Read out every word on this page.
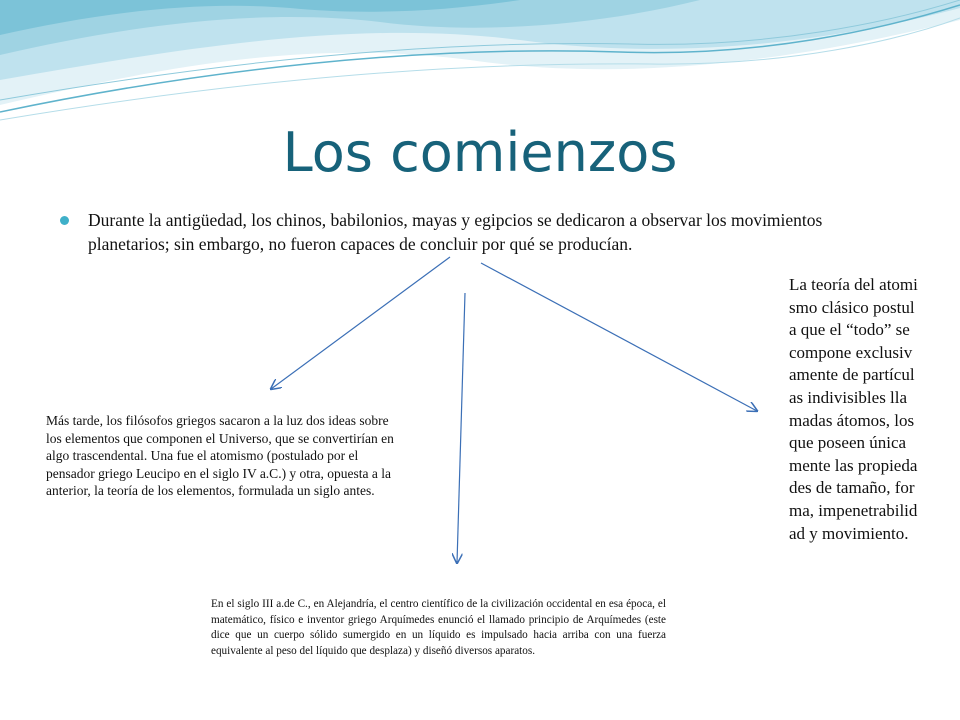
Los comienzos

Durante la antigüedad, los chinos, babilonios, mayas y egipcios se dedicaron a observar los movimientos planetarios; sin embargo, no fueron capaces de concluir por qué se producían.

Más tarde, los filósofos griegos sacaron a la luz dos ideas sobre los elementos que componen el Universo, que se convertirían en algo trascendental. Una fue el atomismo (postulado por el pensador griego Leucipo en el siglo IV a.C.) y otra, opuesta a la anterior, la teoría de los elementos, formulada un siglo antes.

En el siglo III a.de C., en Alejandría, el centro científico de la civilización occidental en esa época, el matemático, físico e inventor griego Arquímedes enunció el llamado principio de Arquímedes (este dice que un cuerpo sólido sumergido en un líquido es impulsado hacia arriba con una fuerza equivalente al peso del líquido que desplaza) y diseñó diversos aparatos.

La teoría del atomismo clásico postula que el “todo” se compone exclusivamente de partículas indivisibles llamadas átomos, los que poseen únicamente las propiedades de tamaño, forma, impenetrabilidad y movimiento.
